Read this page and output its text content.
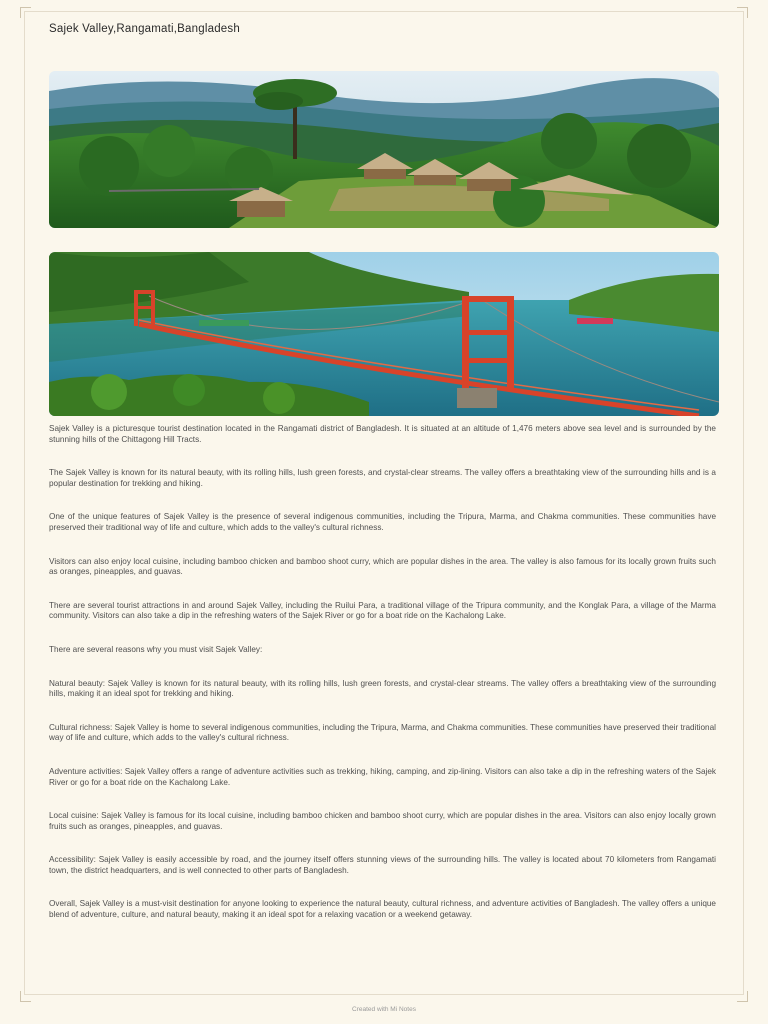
Sajek Valley,Rangamati,Bangladesh

Sajek Valley is a picturesque tourist destination located in the Rangamati district of Bangladesh. It is situated at an altitude of 1,476 meters above sea level and is surrounded by the stunning hills of the Chittagong Hill Tracts.

The Sajek Valley is known for its natural beauty, with its rolling hills, lush green forests, and crystal-clear streams. The valley offers a breathtaking view of the surrounding hills and is a popular destination for trekking and hiking.

One of the unique features of Sajek Valley is the presence of several indigenous communities, including the Tripura, Marma, and Chakma communities. These communities have preserved their traditional way of life and culture, which adds to the valley's cultural richness.

Visitors can also enjoy local cuisine, including bamboo chicken and bamboo shoot curry, which are popular dishes in the area. The valley is also famous for its locally grown fruits such as oranges, pineapples, and guavas.

There are several tourist attractions in and around Sajek Valley, including the Ruilui Para, a traditional village of the Tripura community, and the Konglak Para, a village of the Marma community. Visitors can also take a dip in the refreshing waters of the Sajek River or go for a boat ride on the Kachalong Lake.

There are several reasons why you must visit Sajek Valley:

Natural beauty: Sajek Valley is known for its natural beauty, with its rolling hills, lush green forests, and crystal-clear streams. The valley offers a breathtaking view of the surrounding hills, making it an ideal spot for trekking and hiking.

Cultural richness: Sajek Valley is home to several indigenous communities, including the Tripura, Marma, and Chakma communities. These communities have preserved their traditional way of life and culture, which adds to the valley's cultural richness.

Adventure activities: Sajek Valley offers a range of adventure activities such as trekking, hiking, camping, and zip-lining. Visitors can also take a dip in the refreshing waters of the Sajek River or go for a boat ride on the Kachalong Lake.

Local cuisine: Sajek Valley is famous for its local cuisine, including bamboo chicken and bamboo shoot curry, which are popular dishes in the area. Visitors can also enjoy locally grown fruits such as oranges, pineapples, and guavas.

Accessibility: Sajek Valley is easily accessible by road, and the journey itself offers stunning views of the surrounding hills. The valley is located about 70 kilometers from Rangamati town, the district headquarters, and is well connected to other parts of Bangladesh.

Overall, Sajek Valley is a must-visit destination for anyone looking to experience the natural beauty, cultural richness, and adventure activities of Bangladesh. The valley offers a unique blend of adventure, culture, and natural beauty, making it an ideal spot for a relaxing vacation or a weekend getaway.

Created with Mi Notes
